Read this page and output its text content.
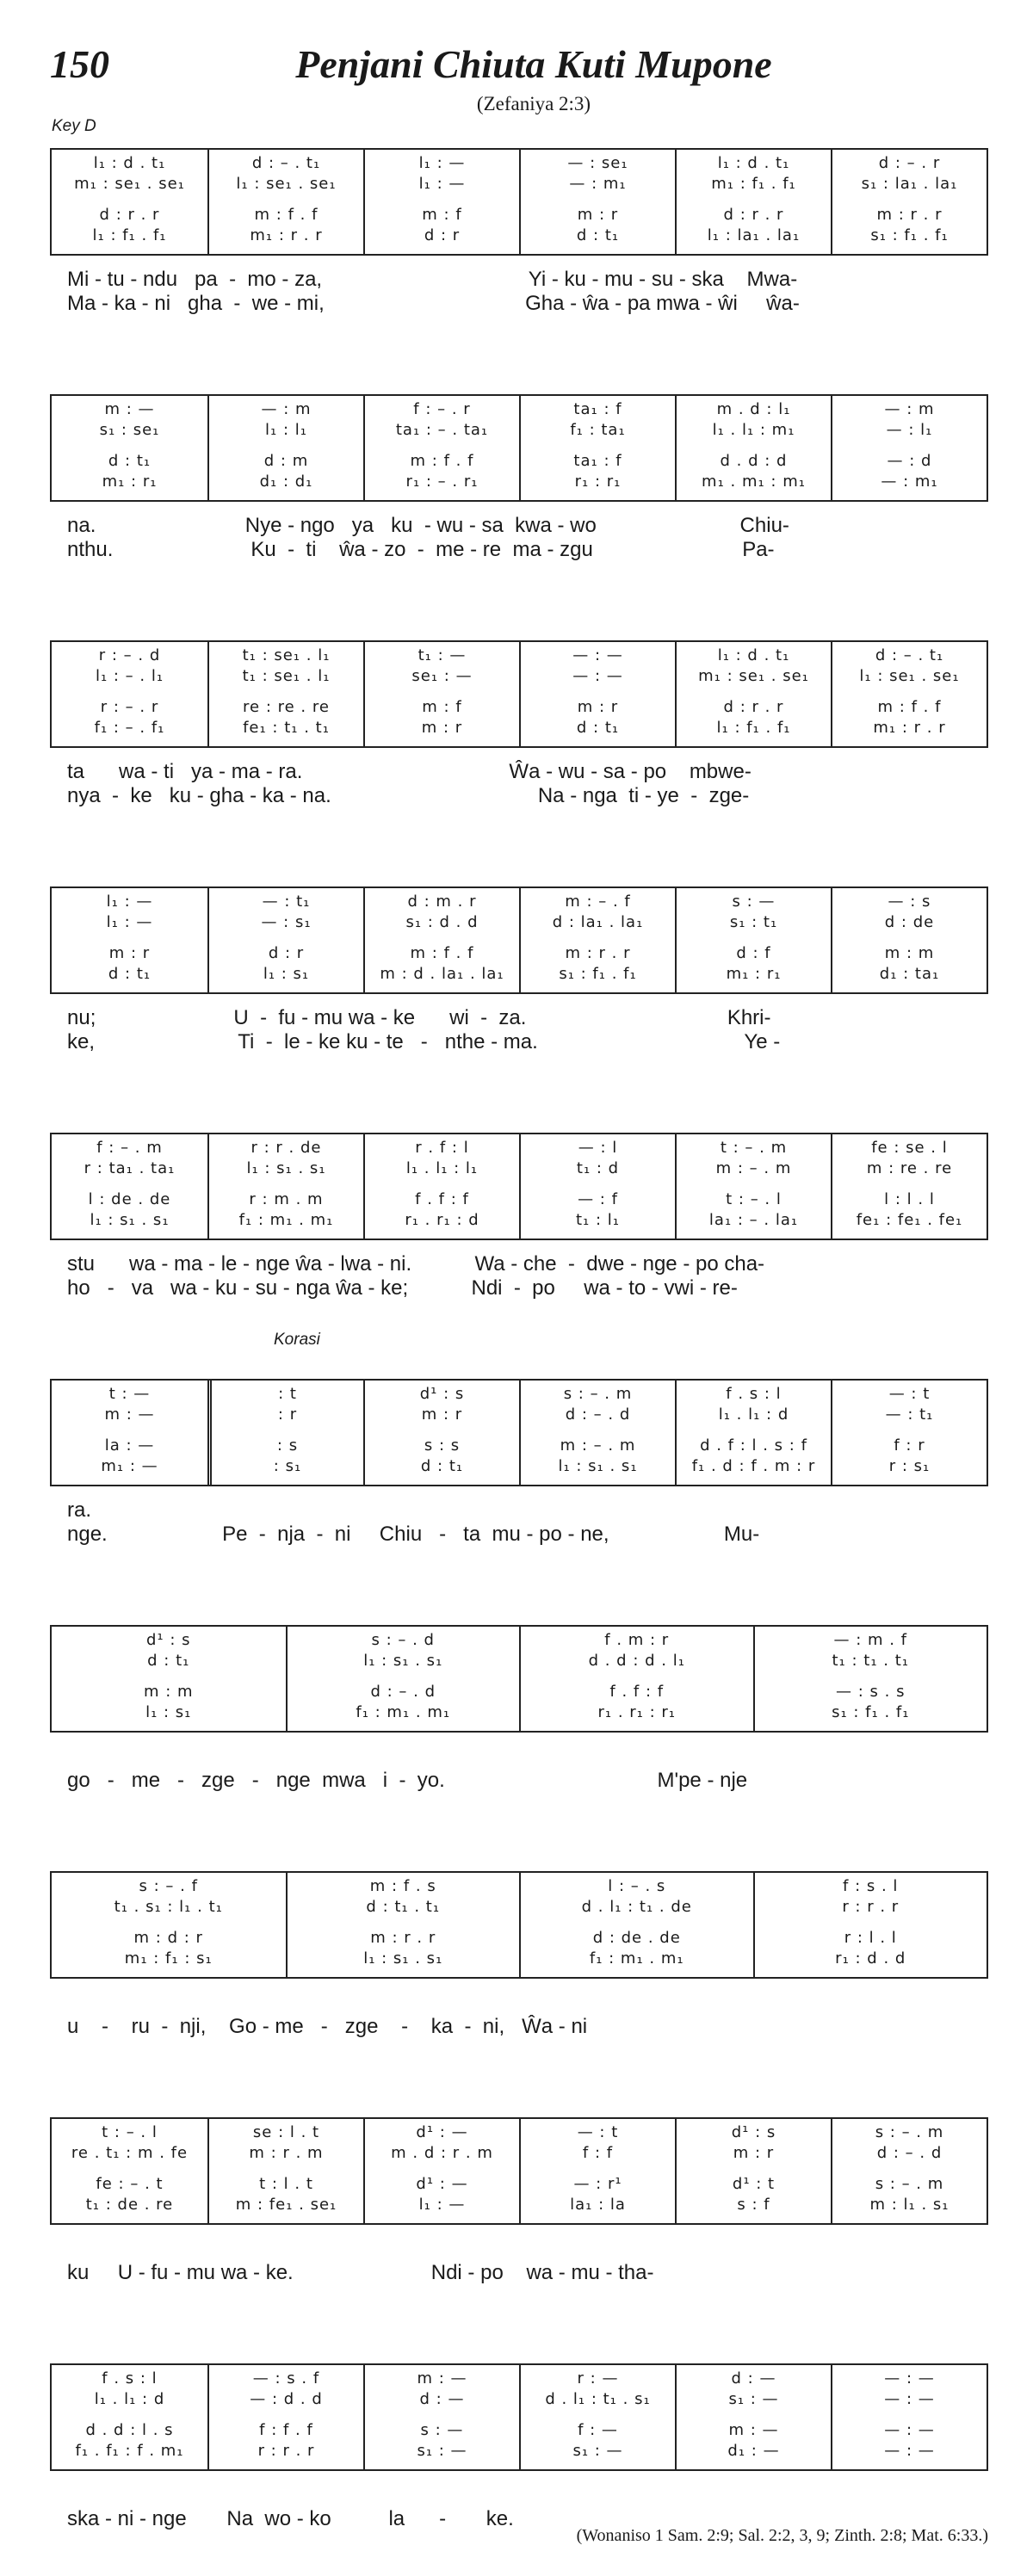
150	Penjani Chiuta Kuti Mupone
(Zefaniya 2:3)
Key D
l₁ : d . t₁
m₁ : se₁ . se₁
d : r . r
l₁ : f₁ . f₁
d : – . t₁
l₁ : se₁ . se₁
m : f . f
m₁ : r . r
l₁ : —
l₁ : —
m : f
d : r
— : se₁
— : m₁
m : r
d : t₁
l₁ : d . t₁
m₁ : f₁ . f₁
d : r . r
l₁ : la₁ . la₁
d : – . r
s₁ : la₁ . la₁
m : r . r
s₁ : f₁ . f₁
Mi - tu - ndu   pa  -  mo - za,                                    Yi - ku - mu - su - ska    Mwa-
Ma - ka - ni   gha  -  we - mi,                                   Gha - ŵa - pa mwa - ŵi     ŵa-
m : —
s₁ : se₁
d : t₁
m₁ : r₁
— : m
l₁ : l₁
d : m
d₁ : d₁
f : – . r
ta₁ : – . ta₁
m : f . f
r₁ : – . r₁
ta₁ : f
f₁ : ta₁
ta₁ : f
r₁ : r₁
m . d : l₁
l₁ . l₁ : m₁
d . d : d
m₁ . m₁ : m₁
— : m
— : l₁
— : d
— : m₁
na.                          Nye - ngo   ya   ku  - wu - sa  kwa - wo                         Chiu-
nthu.                        Ku  -  ti    ŵa - zo  -  me - re  ma - zgu                          Pa-
r : – . d
l₁ : – . l₁
r : – . r
f₁ : – . f₁
t₁ : se₁ . l₁
t₁ : se₁ . l₁
re : re . re
fe₁ : t₁ . t₁
t₁ : —
se₁ : —
m : f
m : r
— : —
— : —
m : r
d : t₁
l₁ : d . t₁
m₁ : se₁ . se₁
d : r . r
l₁ : f₁ . f₁
d : – . t₁
l₁ : se₁ . se₁
m : f . f
m₁ : r . r
ta      wa - ti   ya - ma - ra.                                    Ŵa - wu - sa - po    mbwe-
nya  -  ke   ku - gha - ka - na.                                    Na - nga  ti - ye  -  zge-
l₁ : —
l₁ : —
m : r
d : t₁
— : t₁
— : s₁
d : r
l₁ : s₁
d : m . r
s₁ : d . d
m : f . f
m : d . la₁ . la₁
m : – . f
d : la₁ . la₁
m : r . r
s₁ : f₁ . f₁
s : —
s₁ : t₁
d : f
m₁ : r₁
— : s
d : de
m : m
d₁ : ta₁
nu;                        U  -  fu - mu wa - ke      wi  -  za.                                   Khri-
ke,                         Ti  -  le - ke ku - te   -   nthe - ma.                                    Ye -
f : – . m
r : ta₁ . ta₁
l : de . de
l₁ : s₁ . s₁
r : r . de
l₁ : s₁ . s₁
r : m . m
f₁ : m₁ . m₁
r . f : l
l₁ . l₁ : l₁
f . f : f
r₁ . r₁ : d
— : l
t₁ : d
— : f
t₁ : l₁
t : – . m
m : – . m
t : – . l
la₁ : – . la₁
fe : se . l
m : re . re
l : l . l
fe₁ : fe₁ . fe₁
stu      wa - ma - le - nge ŵa - lwa - ni.           Wa - che  -  dwe - nge - po cha-
ho   -   va   wa - ku - su - nga ŵa - ke;           Ndi  -  po     wa - to - vwi - re-
t : —
m : —
la : —
m₁ : —
: t
: r
: s
: s₁
d¹ : s
m : r
s : s
d : t₁
s : – . m
d : – . d
m : – . m
l₁ : s₁ . s₁
f . s : l
l₁ . l₁ : d
d . f : l . s : f
f₁ . d : f . m : r
— : t
— : t₁
f : r
r : s₁
ra.
nge.                    Pe  -  nja  -  ni     Chiu   -   ta  mu - po - ne,                    Mu-
d¹ : s
d : t₁
m : m
l₁ : s₁
s : – . d
l₁ : s₁ . s₁
d : – . d
f₁ : m₁ . m₁
f . m : r
d . d : d . l₁
f . f : f
r₁ . r₁ : r₁
— : m . f
t₁ : t₁ . t₁
— : s . s
s₁ : f₁ . f₁
go   -   me   -   zge   -   nge  mwa   i  -  yo.                                     M'pe - nje
s : – . f
t₁ . s₁ : l₁ . t₁
m : d : r
m₁ : f₁ : s₁
m : f . s
d : t₁ . t₁
m : r . r
l₁ : s₁ . s₁
l : – . s
d . l₁ : t₁ . de
d : de . de
f₁ : m₁ . m₁
f : s . l
r : r . r
r : l . l
r₁ : d . d
u    -    ru  -  nji,    Go - me   -   zge    -    ka  -  ni,   Ŵa - ni
t : – . l
re . t₁ : m . fe
fe : – . t
t₁ : de . re
se : l . t
m : r . m
t : l . t
m : fe₁ . se₁
d¹ : —
m . d : r . m
d¹ : —
l₁ : —
— : t
f : f
— : r¹
la₁ : la
d¹ : s
m : r
d¹ : t
s : f
s : – . m
d : – . d
s : – . m
m : l₁ . s₁
ku     U - fu - mu wa - ke.                        Ndi - po    wa - mu - tha-
f . s : l
l₁ . l₁ : d
d . d : l . s
f₁ . f₁ : f . m₁
— : s . f
— : d . d
f : f . f
r : r . r
m : —
d : —
s : —
s₁ : —
r : —
d . l₁ : t₁ . s₁
f : —
s₁ : —
d : —
s₁ : —
m : —
d₁ : —
— : —
— : —
— : —
— : —
ska - ni - nge       Na  wo - ko          la      -       ke.
Korasi
(Wonaniso 1 Sam. 2:9; Sal. 2:2, 3, 9; Zinth. 2:8; Mat. 6:33.)
